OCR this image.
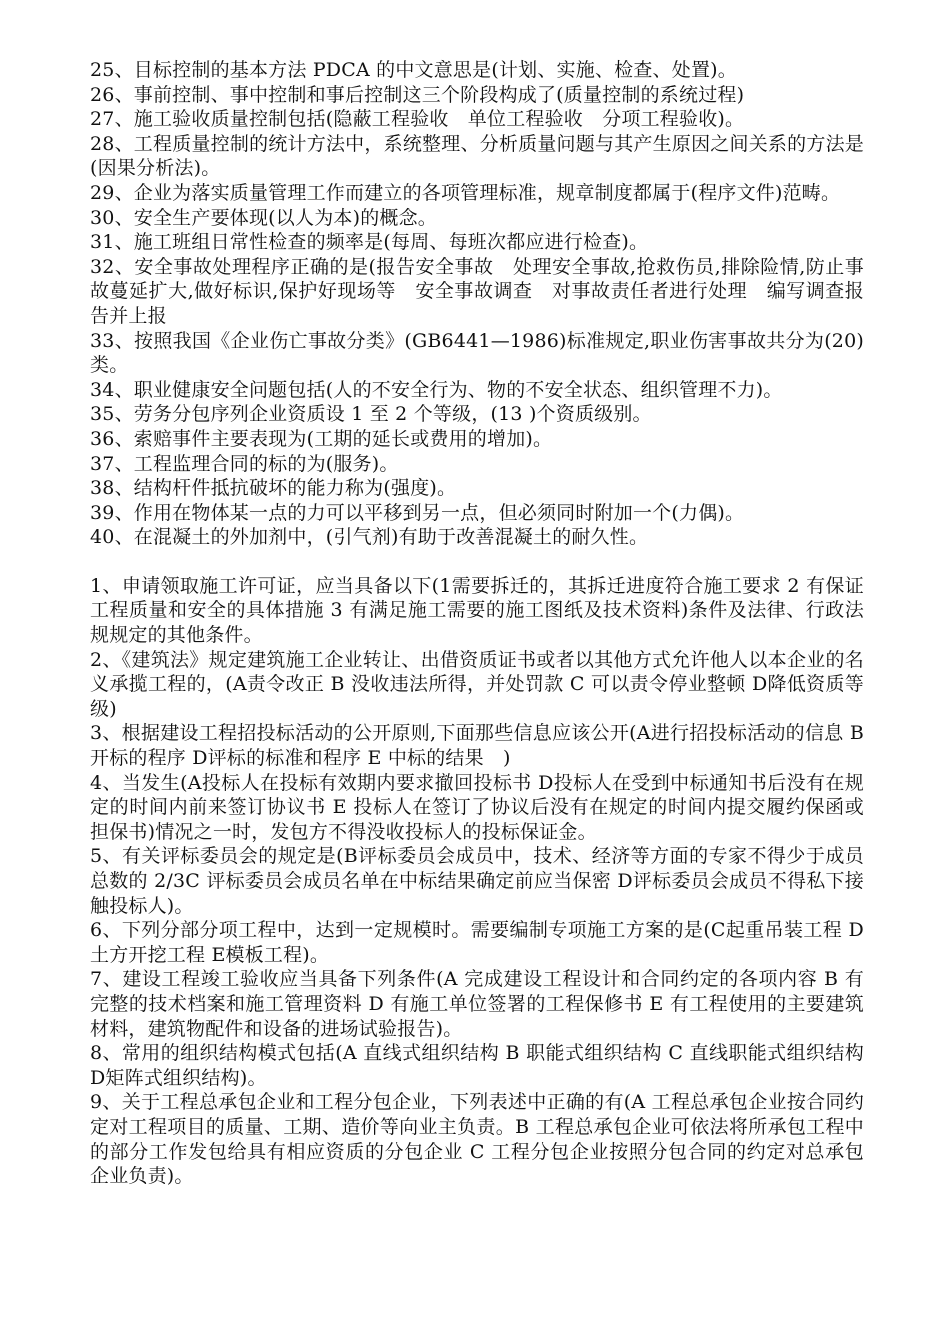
25、目标控制的基本方法 PDCA 的中文意思是(计划、实施、检查、处置)。

26、事前控制、事中控制和事后控制这三个阶段构成了(质量控制的系统过程)

27、施工验收质量控制包括(隐蔽工程验收　单位工程验收　分项工程验收)。

28、工程质量控制的统计方法中，系统整理、分析质量问题与其产生原因之间关系的方法是(因果分析法)。

29、企业为落实质量管理工作而建立的各项管理标准，规章制度都属于(程序文件)范畴。

30、安全生产要体现(以人为本)的概念。

31、施工班组日常性检查的频率是(每周、每班次都应进行检查)。

32、安全事故处理程序正确的是(报告安全事故　处理安全事故,抢救伤员,排除险情,防止事故蔓延扩大,做好标识,保护好现场等　安全事故调查　对事故责任者进行处理　编写调查报告并上报

33、按照我国《企业伤亡事故分类》(GB6441—1986)标准规定,职业伤害事故共分为(20)类。

34、职业健康安全问题包括(人的不安全行为、物的不安全状态、组织管理不力)。

35、劳务分包序列企业资质设 1 至 2 个等级，(13 )个资质级别。

36、索赔事件主要表现为(工期的延长或费用的增加)。

37、工程监理合同的标的为(服务)。

38、结构杆件抵抗破坏的能力称为(强度)。

39、作用在物体某一点的力可以平移到另一点，但必须同时附加一个(力偶)。

40、在混凝土的外加剂中，(引气剂)有助于改善混凝土的耐久性。

1、申请领取施工许可证，应当具备以下(1需要拆迁的，其拆迁进度符合施工要求 2 有保证工程质量和安全的具体措施 3 有满足施工需要的施工图纸及技术资料)条件及法律、行政法规规定的其他条件。

2、《建筑法》规定建筑施工企业转让、出借资质证书或者以其他方式允许他人以本企业的名义承揽工程的，(A责令改正 B 没收违法所得，并处罚款 C 可以责令停业整顿 D降低资质等级)

3、根据建设工程招投标活动的公开原则,下面那些信息应该公开(A进行招投标活动的信息 B 开标的程序 D评标的标准和程序 E 中标的结果　)

4、当发生(A投标人在投标有效期内要求撤回投标书 D投标人在受到中标通知书后没有在规定的时间内前来签订协议书 E 投标人在签订了协议后没有在规定的时间内提交履约保函或担保书)情况之一时，发包方不得没收投标人的投标保证金。

5、有关评标委员会的规定是(B评标委员会成员中，技术、经济等方面的专家不得少于成员总数的 2/3C 评标委员会成员名单在中标结果确定前应当保密 D评标委员会成员不得私下接触投标人)。

6、下列分部分项工程中，达到一定规模时。需要编制专项施工方案的是(C起重吊装工程 D土方开挖工程 E模板工程)。

7、建设工程竣工验收应当具备下列条件(A 完成建设工程设计和合同约定的各项内容 B 有完整的技术档案和施工管理资料 D 有施工单位签署的工程保修书 E 有工程使用的主要建筑材料，建筑物配件和设备的进场试验报告)。

8、常用的组织结构模式包括(A 直线式组织结构 B 职能式组织结构 C 直线职能式组织结构 D矩阵式组织结构)。

9、关于工程总承包企业和工程分包企业，下列表述中正确的有(A 工程总承包企业按合同约定对工程项目的质量、工期、造价等向业主负责。B 工程总承包企业可依法将所承包工程中的部分工作发包给具有相应资质的分包企业 C 工程分包企业按照分包合同的约定对总承包企业负责)。
